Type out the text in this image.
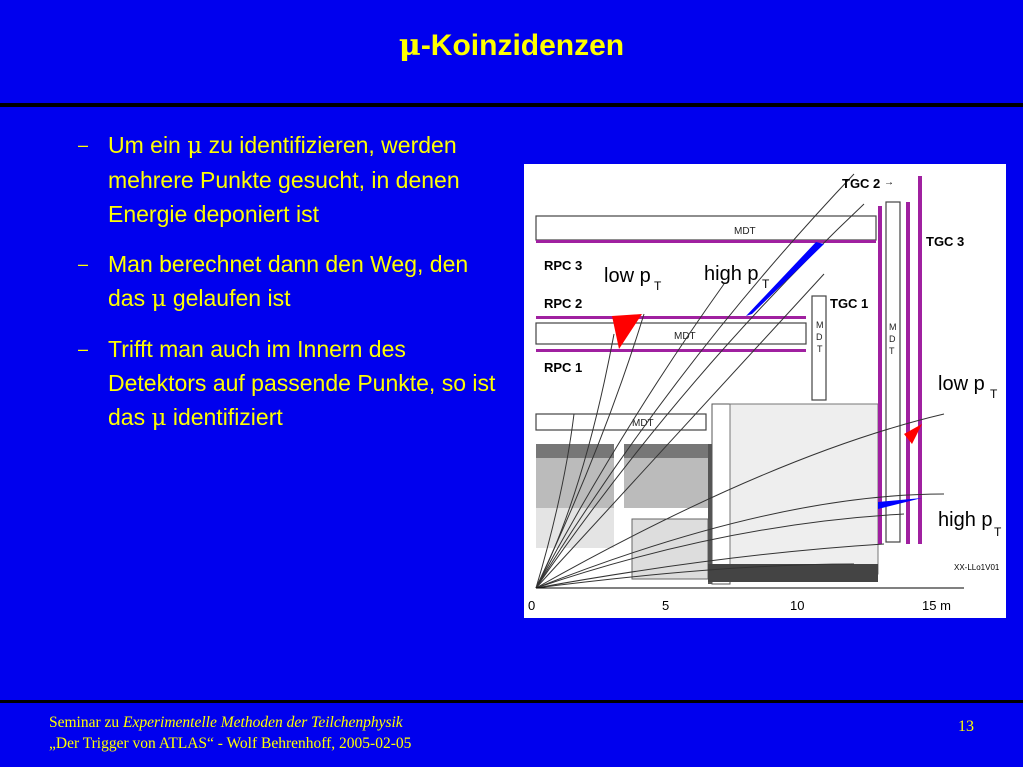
μ-Koinzidenzen
– Um ein μ zu identifizieren, werden mehrere Punkte gesucht, in denen Energie deponiert ist
– Man berechnet dann den Weg, den das μ gelaufen ist
– Trifft man auch im Innern des Detektors auf passende Punkte, so ist das μ identifiziert
MDT
MDT
MDT
M
D
T
M
D
T
TGC 2 →
TGC 3
TGC 1
RPC 3
RPC 2
RPC 1
low p T
high p T
low p T
high p
T
XX-LLo1V01
0	5	10	15 m
Seminar zu Experimentelle Methoden der Teilchenphysik
„Der Trigger von ATLAS“ - Wolf Behrenhoff, 2005-02-05
13
